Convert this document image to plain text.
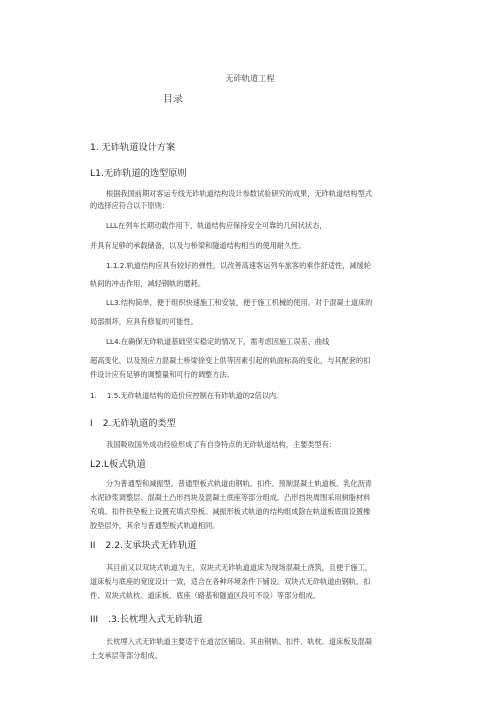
无砟轨道工程
目录
1. 无砟轨道设计方案
L1.无砟轨道的选型原则
根据我国前期对客运专线无砟轨道结构设计参数试验研究的成果，无砟轨道结构型式
的选择应符合以下原则：
LLL在列车长期动载作用下，轨道结构应保持安全可靠的几何状状态，
并具有足够的承载储备，以及与桥梁和隧道结构相当的使用耐久性。
1.1.2.轨道结构应具有较好的弹性，以改善高速客运列车旅客的乘作舒适性，减缓轮
轨间的冲击作用，减轻钢轨的磨耗。
LL3.结构简单，便于组织快速施工和安装，便于施工机械的使用。对于混凝土道床的
局部损坏，应具有修复的可能性。
LL4.在确保无砟轨道基础坚实稳定的情况下，需考虑因施工误差、曲线
超高变化，以及预应力混凝土桥梁徐变上供等因素引起的轨面标高的变化，与其配套的扣
件设计应有足够的调整量和可行的调整方法。
1. 1.5.无砟轨道结构的造价应控制在有砟轨道的2倍以内。
I 2.无砟轨道的类型
我国吸收国外成功经验形成了有自身特点的无砟轨道结构，主要类型有：
L2.L板式轨道
分为普通型和减振型。普通型板式轨道由钢轨、扣件、预制混凝土轨道板、乳化沥青
水泥砂浆调整层、混凝土凸形挡块及混凝土底座等部分组成。凸形挡块周围采用树脂材料
充填。扣件铁垫板上设置充填式垫板。减振形板式轨道的结构组成除在轨道板底面设置橡
胶垫层外，其余与普通型板式轨道相同。
II 2.2.支承块式无砟轨道
其目前又以双块式轨道为主，双块式无砟轨道道床为现场混凝土浇筑，且便于施工，
道床板与底座的宽度设计一致，适合在各种环境条件下铺设。双块式无砟轨道由钢轨、扣
件、双块式轨枕、道床板、底座（路基和隧道区段可不设）等部分组成。
III .3.长枕埋入式无砟轨道
长枕埋入式无砟轨道主要适于在道岔区铺设。其由钢轨、扣件、轨枕、道床板及混凝
土支承层等部分组成。
